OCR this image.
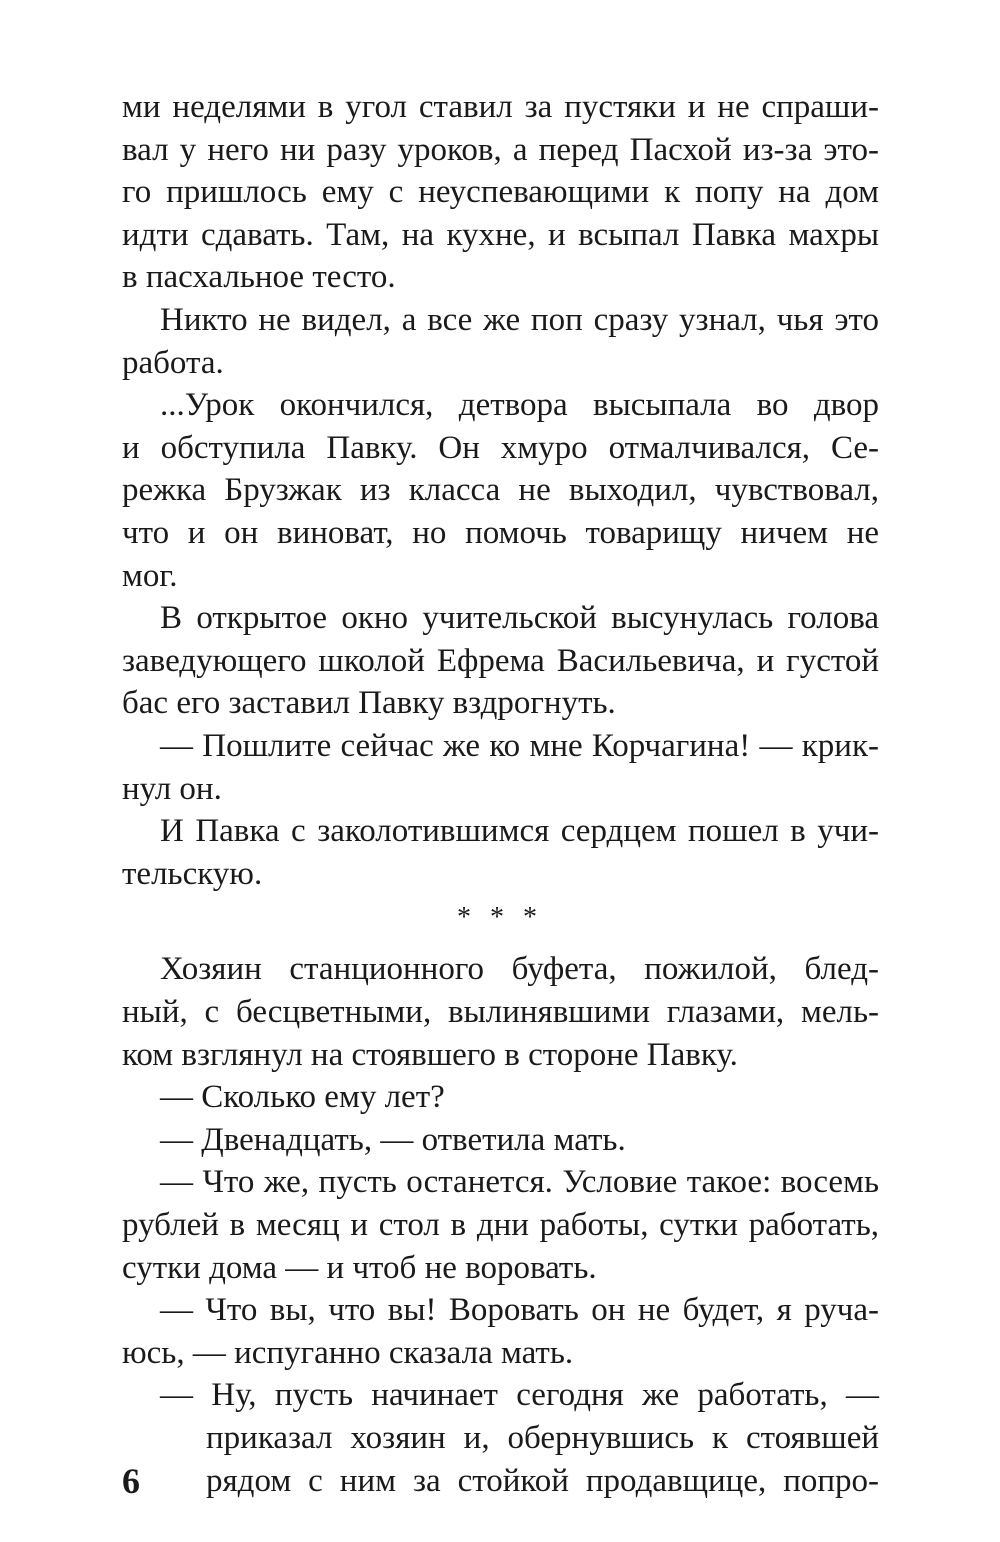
ми неделями в угол ставил за пустяки и не спраши-
вал у него ни разу уроков, а перед Пасхой из-за это-
го пришлось ему с неуспевающими к попу на дом
идти сдавать. Там, на кухне, и всыпал Павка махры
в пасхальное тесто.
Никто не видел, а все же поп сразу узнал, чья это
работа.
...Урок окончился, детвора высыпала во двор
и обступила Павку. Он хмуро отмалчивался, Се-
режка Брузжак из класса не выходил, чувствовал,
что и он виноват, но помочь товарищу ничем не
мог.
В открытое окно учительской высунулась голова
заведующего школой Ефрема Васильевича, и густой
бас его заставил Павку вздрогнуть.
— Пошлите сейчас же ко мне Корчагина! — крик-
нул он.
И Павка с заколотившимся сердцем пошел в учи-
тельскую.
* * *
Хозяин станционного буфета, пожилой, блед-
ный, с бесцветными, вылинявшими глазами, мель-
ком взглянул на стоявшего в стороне Павку.
— Сколько ему лет?
— Двенадцать, — ответила мать.
— Что же, пусть останется. Условие такое: восемь
рублей в месяц и стол в дни работы, сутки работать,
сутки дома — и чтоб не воровать.
— Что вы, что вы! Воровать он не будет, я руча-
юсь, — испуганно сказала мать.
— Ну, пусть начинает сегодня же работать, —
приказал хозяин и, обернувшись к стоявшей
рядом с ним за стойкой продавщице, попро-
6
